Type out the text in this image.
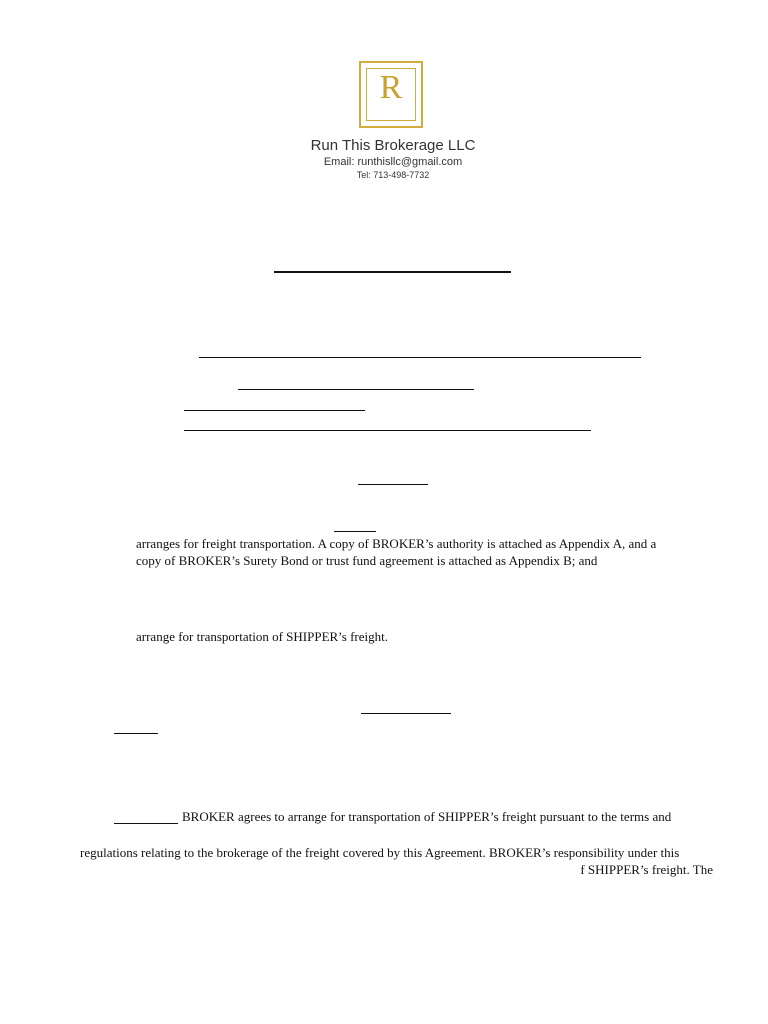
R
Run This Brokerage LLC
Email: runthisllc@gmail.com
Tel: 713-498-7732
arranges for freight transportation. A copy of BROKER’s authority is attached as Appendix A, and a
copy of BROKER’s Surety Bond or trust fund agreement is attached as Appendix B; and
arrange for transportation of SHIPPER’s freight.
BROKER agrees to arrange for transportation of SHIPPER’s freight pursuant to the terms and
regulations relating to the brokerage of the freight covered by this Agreement. BROKER’s responsibility under this
f SHIPPER’s freight. The
